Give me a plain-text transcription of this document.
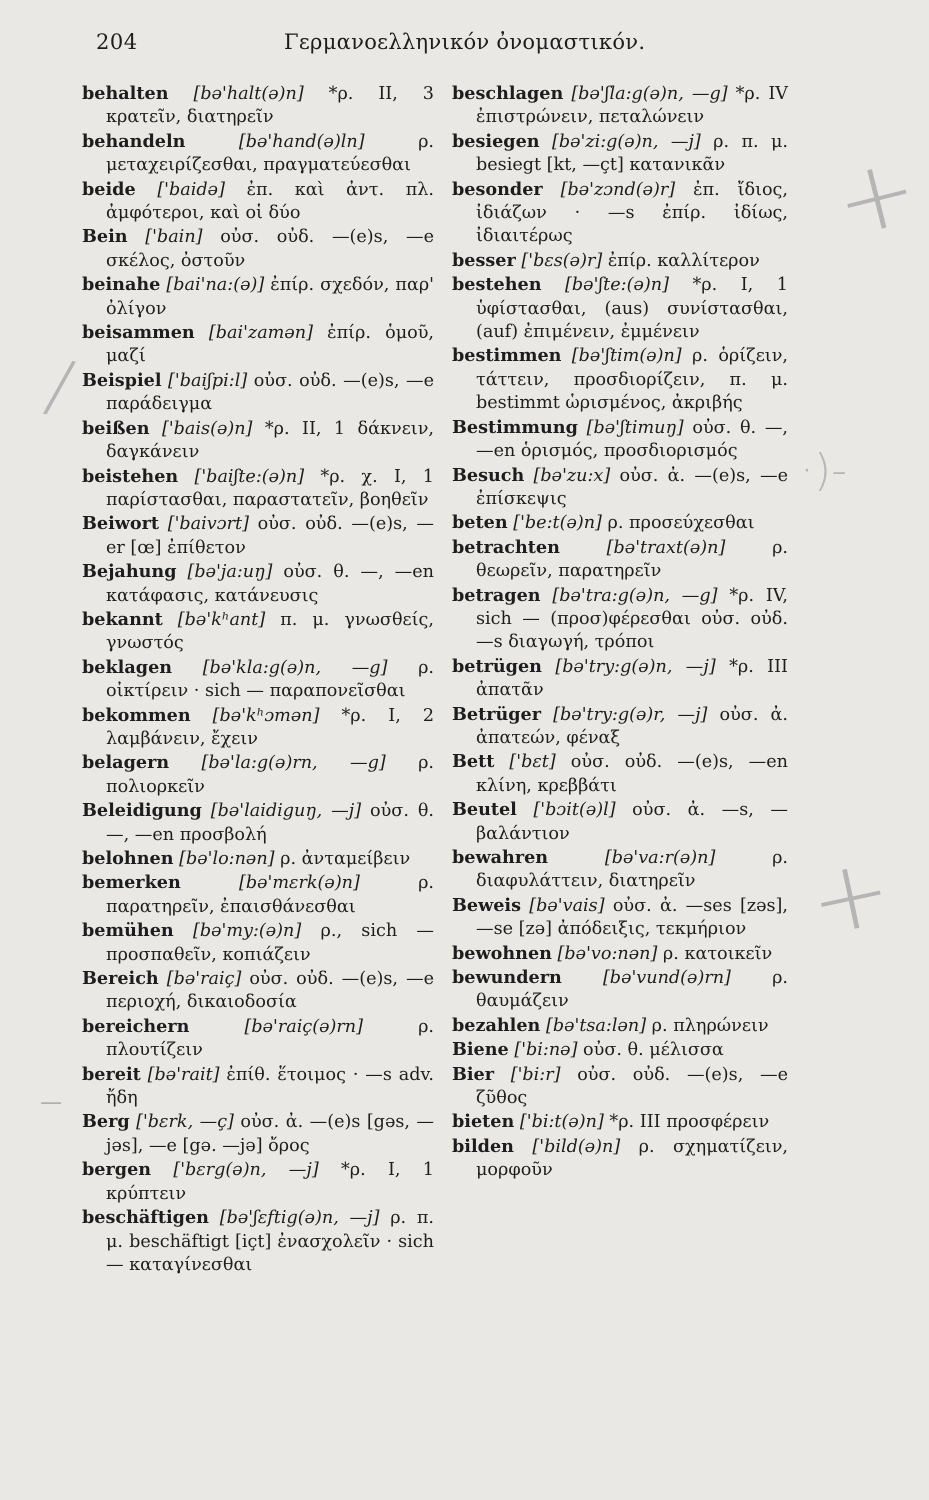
204	Γερμανοελληνικόν ὀνομαστικόν.
+
+
·)-
—
/

behalten [bə'halt(ə)n] *ρ. II, 3 κρατεῖν, διατηρεῖν

behandeln	[bə'hand(ə)ln]	ρ. μεταχειρίζεσθαι, πραγματεύεσθαι

beide ['baidə] ἐπ. καὶ ἀντ. πλ. ἀμφότεροι, καὶ οἱ δύο

Bein ['bain] οὐσ. οὐδ. —(e)s, —e σκέλος, ὀστοῦν

beinahe [bai'na:(ə)] ἐπίρ. σχεδόν, παρ' ὀλίγον

beisammen [bai'zamən] ἐπίρ. ὁμοῦ, μαζί

Beispiel ['baiʃpi:l] οὐσ. οὐδ. —(e)s, —e παράδειγμα

beißen ['bais(ə)n] *ρ. II, 1 δάκνειν, δαγκάνειν

beistehen ['baiʃte:(ə)n] *ρ. χ. I, 1 παρίστασθαι, παραστατεῖν, βοηθεῖν

Beiwort ['baivɔrt] οὐσ. οὐδ. —(e)s, —er [œ] ἐπίθετον

Bejahung [bə'ja:uŋ] οὐσ. θ. —, —en κατάφασις, κατάνευσις

bekannt [bə'kʰant] π. μ. γνωσθείς, γνωστός

beklagen [bə'kla:g(ə)n, —g] ρ. οἰκτίρειν · sich — παραπονεῖσθαι

bekommen [bə'kʰɔmən] *ρ. I, 2 λαμβάνειν, ἔχειν

belagern [bə'la:g(ə)rn, —g] ρ. πολιορκεῖν

Beleidigung [bə'laidiguŋ, —j] οὐσ. θ. —, —en προσβολή

belohnen [bə'lo:nən] ρ. ἀνταμείβειν

bemerken	[bə'mɛrk(ə)n]	ρ. παρατηρεῖν, ἐπαισθάνεσθαι

bemühen [bə'my:(ə)n] ρ., sich — προσπαθεῖν, κοπιάζειν

Bereich [bə'raiç] οὐσ. οὐδ. —(e)s, —e περιοχή, δικαιοδοσία

bereichern	[bə'raiç(ə)rn]	ρ. πλουτίζειν

bereit [bə'rait] ἐπίθ. ἕτοιμος · —s adv. ἤδη

Berg ['bɛrk, —ç] οὐσ. ἀ. —(e)s [gəs, —jəs], —e [gə. —jə] ὄρος

bergen ['bɛrg(ə)n, —j] *ρ. I, 1 κρύπτειν

beschäftigen [bə'ʃɛftig(ə)n, —j] ρ. π. μ. beschäftigt [içt] ἐνασχολεῖν · sich — καταγίνεσθαι

beschlagen [bə'ʃla:g(ə)n, —g] *ρ. IV ἐπιστρώνειν, πεταλώνειν

besiegen [bə'zi:g(ə)n, —j] ρ. π. μ. besiegt [kt, —çt] κατανικᾶν

besonder [bə'zɔnd(ə)r] ἐπ. ἴδιος, ἰδιάζων · —s ἐπίρ. ἰδίως, ἰδιαιτέρως

besser ['bɛs(ə)r] ἐπίρ. καλλίτερον

bestehen [bə'ʃte:(ə)n] *ρ. I, 1 ὑφίστασθαι, (aus) συνίστασθαι, (auf) ἐπιμένειν, ἐμμένειν

bestimmen [bə'ʃtim(ə)n] ρ. ὁρίζειν, τάττειν, προσδιορίζειν, π. μ. bestimmt ὡρισμένος, ἀκριβής

Bestimmung [bə'ʃtimuŋ] οὐσ. θ. —, —en ὁρισμός, προσδιορισμός

Besuch [bə'zu:x] οὐσ. ἀ. —(e)s, —e ἐπίσκεψις

beten ['be:t(ə)n] ρ. προσεύχεσθαι

betrachten	[bə'traxt(ə)n]	ρ. θεωρεῖν, παρατηρεῖν

betragen [bə'tra:g(ə)n, —g] *ρ. IV, sich — (προσ)φέρεσθαι οὐσ. οὐδ. —s διαγωγή, τρόποι

betrügen [bə'try:g(ə)n, —j] *ρ. III ἀπατᾶν

Betrüger [bə'try:g(ə)r, —j] οὐσ. ἀ. ἀπατεών, φέναξ

Bett ['bɛt] οὐσ. οὐδ. —(e)s, —en κλίνη, κρεββάτι

Beutel ['bɔit(ə)l] οὐσ. ἀ. —s, — βαλάντιον

bewahren	[bə'va:r(ə)n]	ρ. διαφυλάττειν, διατηρεῖν

Beweis [bə'vais] οὐσ. ἀ. —ses [zəs], —se [zə] ἀπόδειξις, τεκμήριον

bewohnen [bə'vo:nən] ρ. κατοικεῖν

bewundern [bə'vund(ə)rn] ρ. θαυμάζειν

bezahlen [bə'tsa:lən] ρ. πληρώνειν

Biene ['bi:nə] οὐσ. θ. μέλισσα

Bier ['bi:r] οὐσ. οὐδ. —(e)s, —e ζῦθος

bieten ['bi:t(ə)n] *ρ. III προσφέρειν

bilden ['bild(ə)n] ρ. σχηματίζειν, μορφοῦν
